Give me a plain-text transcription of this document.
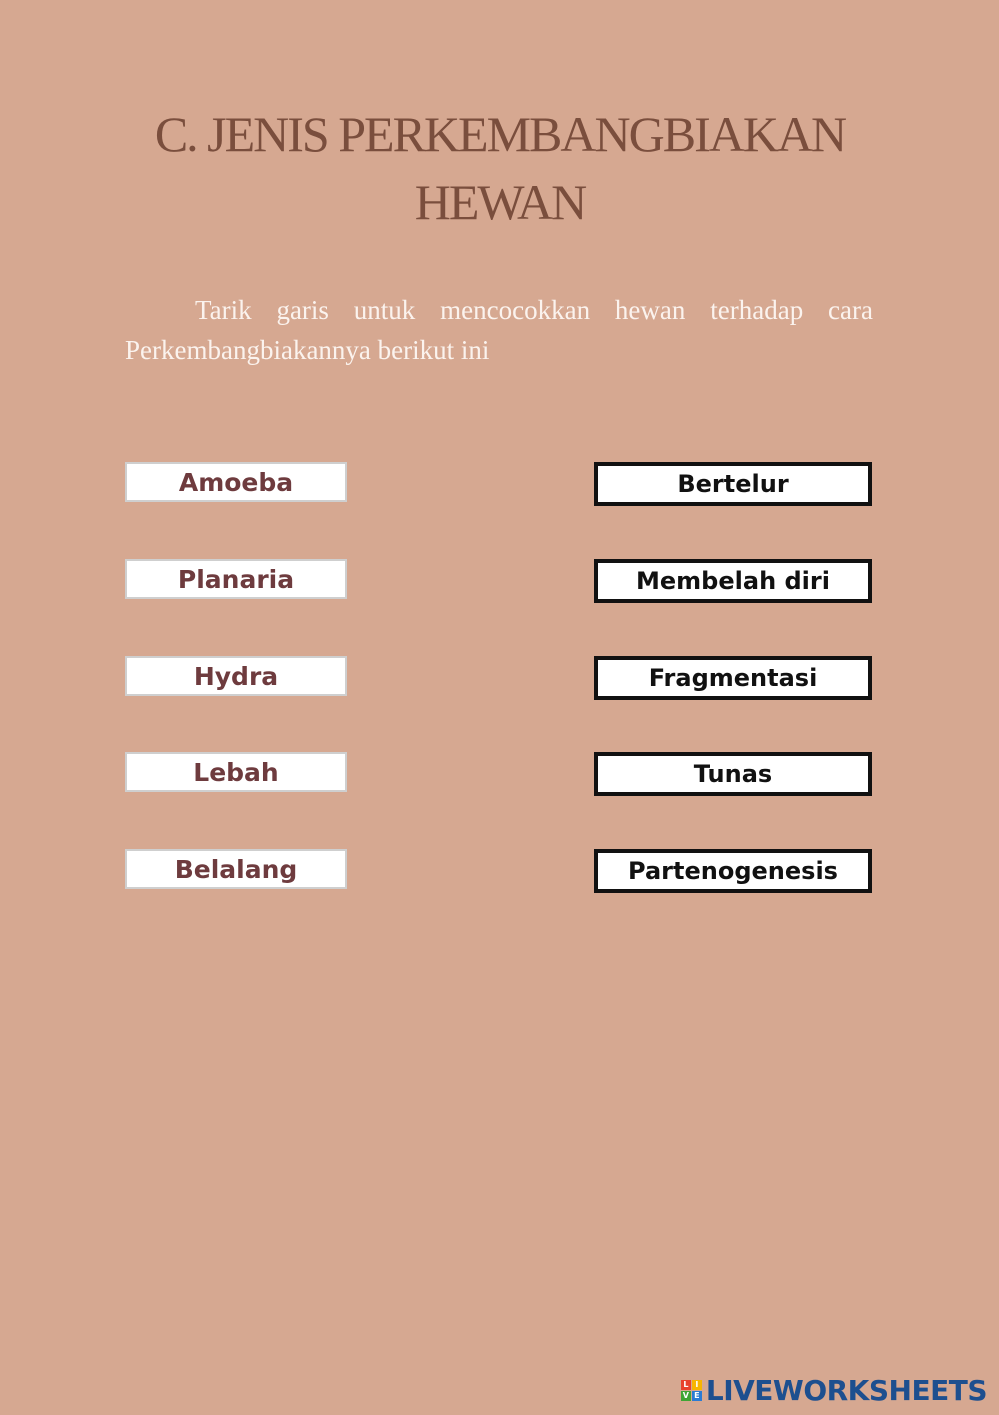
C. JENIS PERKEMBANGBIAKAN
HEWAN

Tarik garis untuk mencocokkan hewan terhadap cara Perkembangbiakannya berikut ini

Amoeba
Planaria
Hydra
Lebah
Belalang
Bertelur
Membelah diri
Fragmentasi
Tunas
Partenogenesis
L I
V E LIVEWORKSHEETS
